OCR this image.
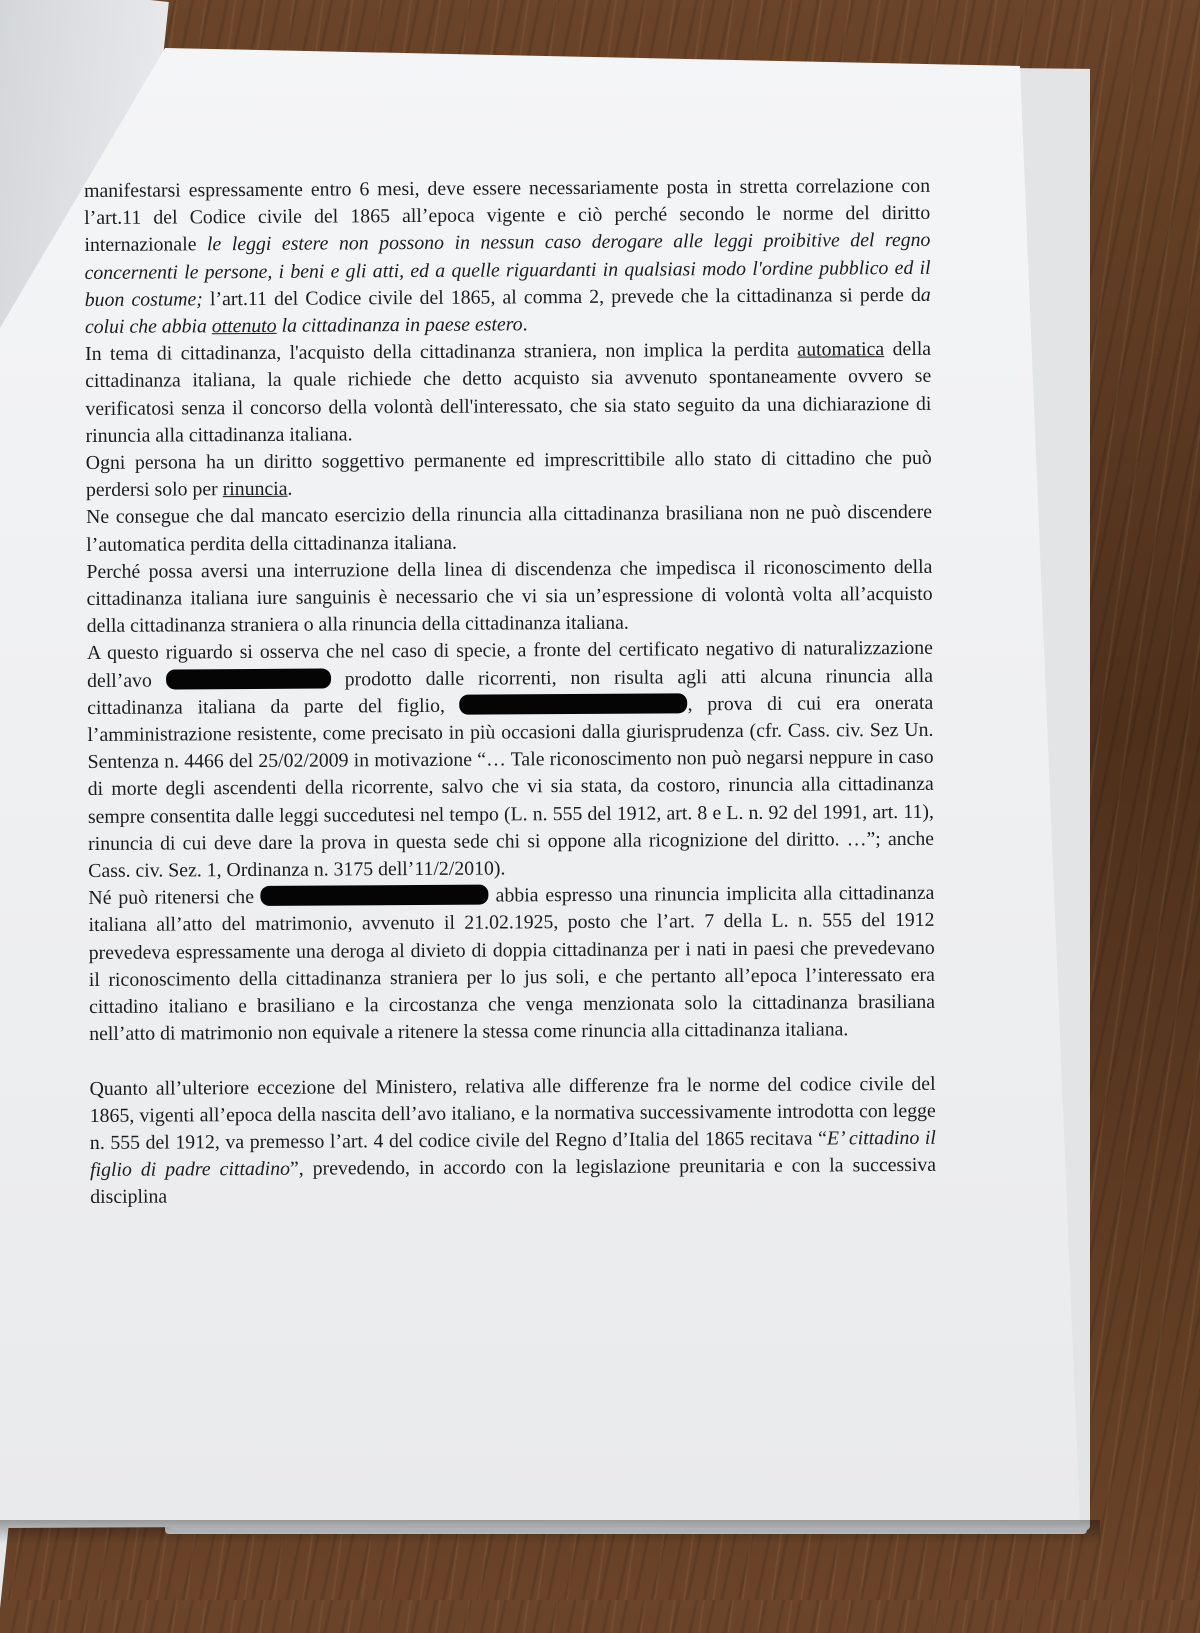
manifestarsi espressamente entro 6 mesi, deve essere necessariamente posta in stretta correlazione con l’art.11 del Codice civile del 1865 all’epoca vigente e ciò perché secondo le norme del diritto internazionale le leggi estere non possono in nessun caso derogare alle leggi proibitive del regno concernenti le persone, i beni e gli atti, ed a quelle riguardanti in qualsiasi modo l'ordine pubblico ed il buon costume; l’art.11 del Codice civile del 1865, al comma 2, prevede che la cittadinanza si perde da colui che abbia ottenuto la cittadinanza in paese estero.

In tema di cittadinanza, l'acquisto della cittadinanza straniera, non implica la perdita automatica della cittadinanza italiana, la quale richiede che detto acquisto sia avvenuto spontaneamente ovvero se verificatosi senza il concorso della volontà dell'interessato, che sia stato seguito da una dichiarazione di rinuncia alla cittadinanza italiana.

Ogni persona ha un diritto soggettivo permanente ed imprescrittibile allo stato di cittadino che può perdersi solo per rinuncia.

Ne consegue che dal mancato esercizio della rinuncia alla cittadinanza brasiliana non ne può discendere l’automatica perdita della cittadinanza italiana.

Perché possa aversi una interruzione della linea di discendenza che impedisca il riconoscimento della cittadinanza italiana iure sanguinis è necessario che vi sia un’espressione di volontà volta all’acquisto della cittadinanza straniera o alla rinuncia della cittadinanza italiana.

A questo riguardo si osserva che nel caso di specie, a fronte del certificato negativo di naturalizzazione dell’avo	prodotto dalle ricorrenti, non risulta agli atti alcuna rinuncia alla cittadinanza italiana da parte del figlio,	, prova di cui era onerata l’amministrazione resistente, come precisato in più occasioni dalla giurisprudenza (cfr. Cass. civ. Sez Un. Sentenza n. 4466 del 25/02/2009 in motivazione “… Tale riconoscimento non può negarsi neppure in caso di morte degli ascendenti della ricorrente, salvo che vi sia stata, da costoro, rinuncia alla cittadinanza sempre consentita dalle leggi succedutesi nel tempo (L. n. 555 del 1912, art. 8 e L. n. 92 del 1991, art. 11), rinuncia di cui deve dare la prova in questa sede chi si oppone alla ricognizione del diritto. …”; anche Cass. civ. Sez. 1, Ordinanza n. 3175 dell’11/2/2010).

Né può ritenersi che	abbia espresso una rinuncia implicita alla cittadinanza italiana all’atto del matrimonio, avvenuto il 21.02.1925, posto che l’art. 7 della L. n. 555 del 1912 prevedeva espressamente una deroga al divieto di doppia cittadinanza per i nati in paesi che prevedevano il riconoscimento della cittadinanza straniera per lo jus soli, e che pertanto all’epoca l’interessato era cittadino italiano e brasiliano e la circostanza che venga menzionata solo la cittadinanza brasiliana nell’atto di matrimonio non equivale a ritenere la stessa come rinuncia alla cittadinanza italiana.

Quanto all’ulteriore eccezione del Ministero, relativa alle differenze fra le norme del codice civile del 1865, vigenti all’epoca della nascita dell’avo italiano, e la normativa successivamente introdotta con legge n. 555 del 1912, va premesso l’art. 4 del codice civile del Regno d’Italia del 1865 recitava “E’ cittadino il figlio di padre cittadino”, prevedendo, in accordo con la legislazione preunitaria e con la successiva disciplina
